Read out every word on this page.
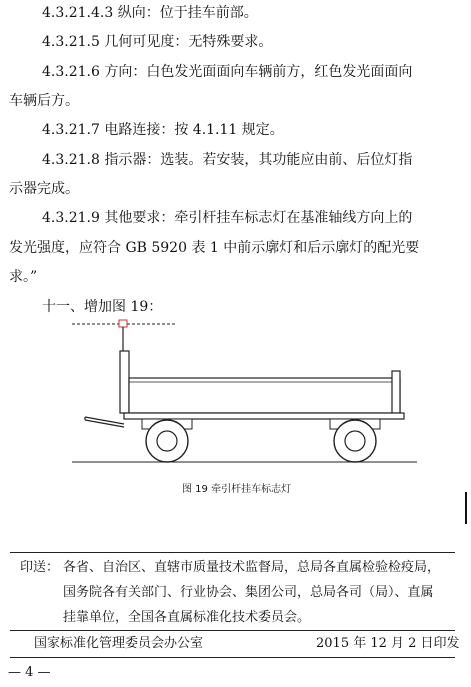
4.3.21.4.3 纵向：位于挂车前部。
4.3.21.5 几何可见度：无特殊要求。
4.3.21.6 方向：白色发光面面向车辆前方，红色发光面面向
车辆后方。
4.3.21.7 电路连接：按 4.1.11 规定。
4.3.21.8 指示器：选装。若安装，其功能应由前、后位灯指
示器完成。
4.3.21.9 其他要求：牵引杆挂车标志灯在基准轴线方向上的
发光强度，应符合 GB 5920 表 1 中前示廓灯和后示廓灯的配光要
求。”
十一、增加图 19：
图 19 牵引杆挂车标志灯
印送： 各省、自治区、直辖市质量技术监督局，总局各直属检验检疫局，
国务院各有关部门、行业协会、集团公司，总局各司（局）、直属
挂靠单位，全国各直属标准化技术委员会。
国家标准化管理委员会办公室	2015 年 12 月 2 日印发
— 4 —
